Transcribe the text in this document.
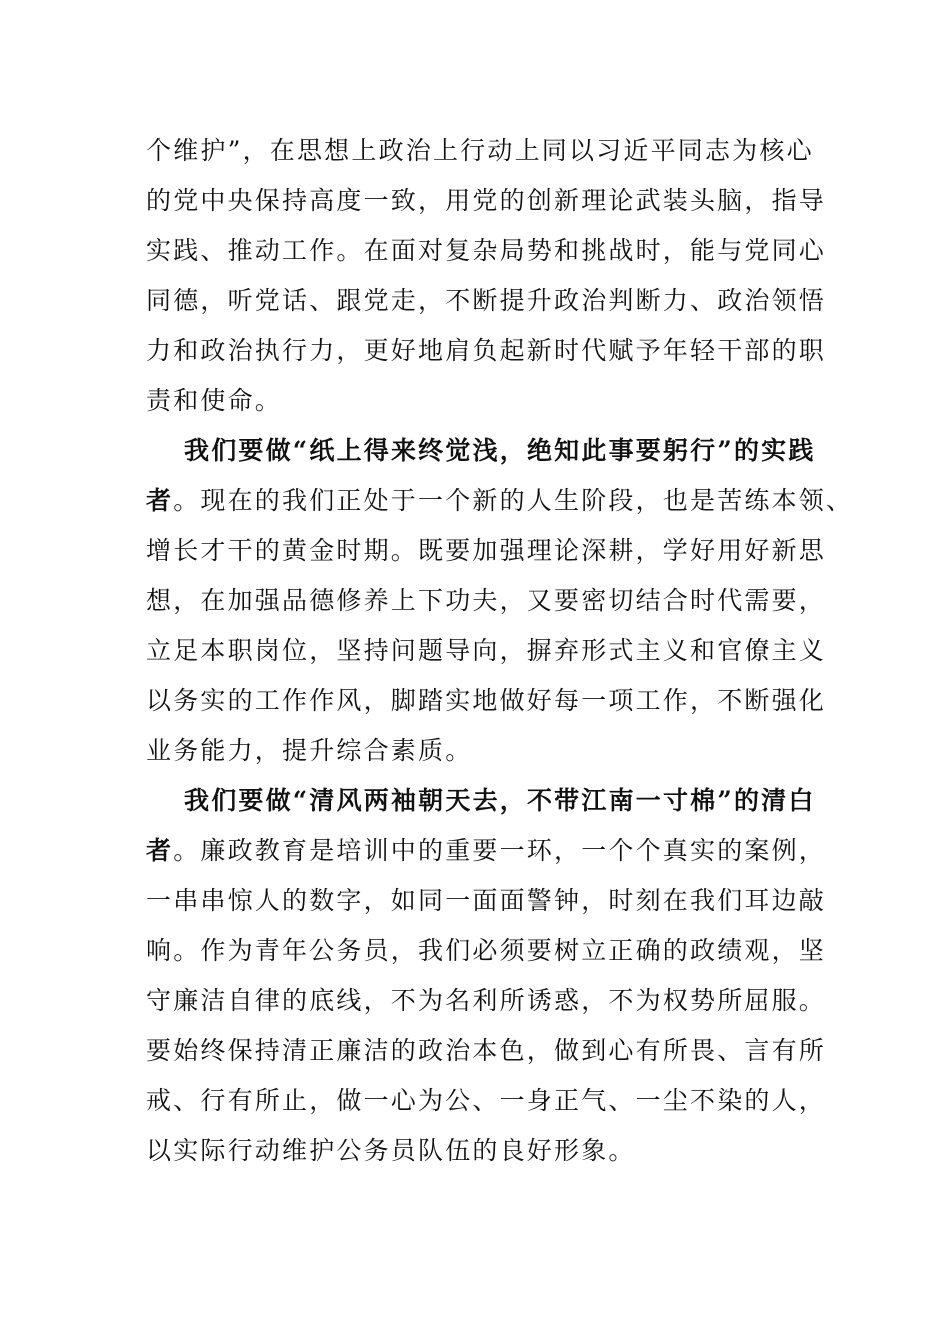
个维护”，在思想上政治上行动上同以习近平同志为核心
的党中央保持高度一致，用党的创新理论武装头脑，指导
实践、推动工作。在面对复杂局势和挑战时，能与党同心
同德，听党话、跟党走，不断提升政治判断力、政治领悟
力和政治执行力，更好地肩负起新时代赋予年轻干部的职
责和使命。
我们要做“纸上得来终觉浅，绝知此事要躬行”的实践
者。现在的我们正处于一个新的人生阶段，也是苦练本领、
增长才干的黄金时期。既要加强理论深耕，学好用好新思
想，在加强品德修养上下功夫，又要密切结合时代需要，
立足本职岗位，坚持问题导向，摒弃形式主义和官僚主义
以务实的工作作风，脚踏实地做好每一项工作，不断强化
业务能力，提升综合素质。
我们要做“清风两袖朝天去，不带江南一寸棉”的清白
者。廉政教育是培训中的重要一环，一个个真实的案例，
一串串惊人的数字，如同一面面警钟，时刻在我们耳边敲
响。作为青年公务员，我们必须要树立正确的政绩观，坚
守廉洁自律的底线，不为名利所诱惑，不为权势所屈服。
要始终保持清正廉洁的政治本色，做到心有所畏、言有所
戒、行有所止，做一心为公、一身正气、一尘不染的人，
以实际行动维护公务员队伍的良好形象。
